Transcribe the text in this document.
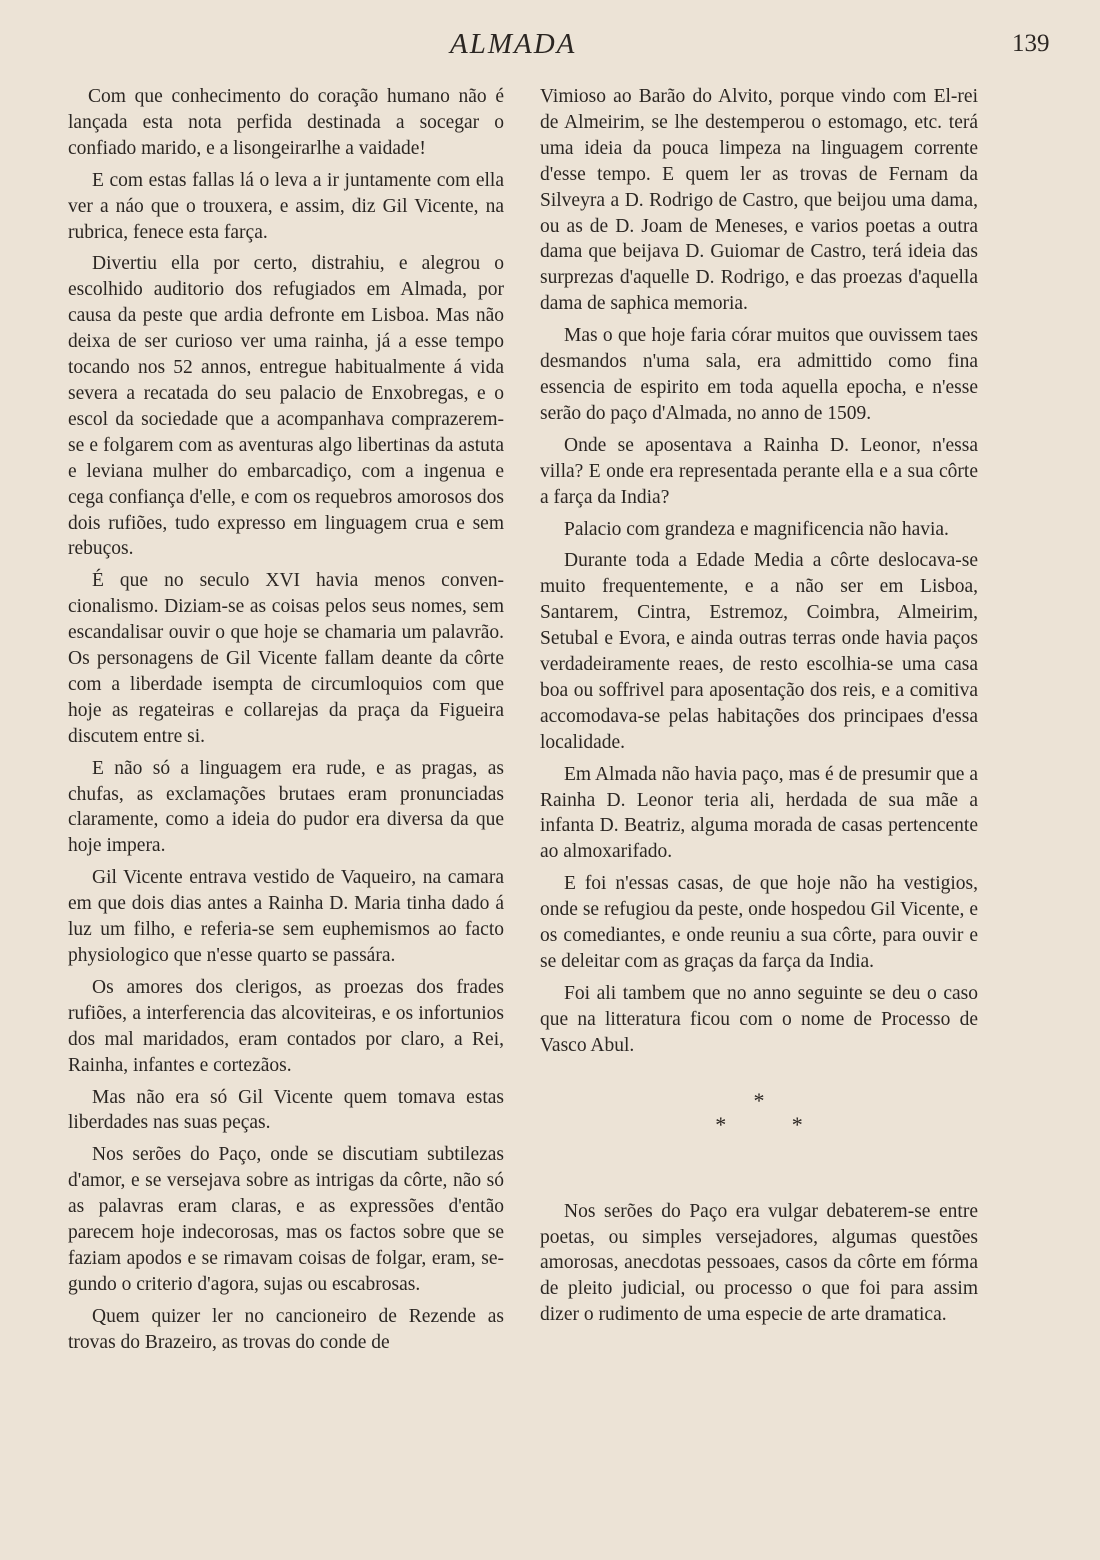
ALMADA	139

Com que conhecimento do coração humano não é lançada esta nota perfida destinada a socegar o confiado marido, e a lisongeirarlhe a vaidade!

E com estas fallas lá o leva a ir juntamente com ella ver a náo que o trouxera, e assim, diz Gil Vicente, na rubrica, fenece esta farça.

Divertiu ella por certo, distrahiu, e alegrou o escolhido auditorio dos refugiados em Almada, por causa da peste que ardia defronte em Lisboa. Mas não deixa de ser curioso ver uma rainha, já a esse tempo tocando nos 52 annos, entregue habitualmente á vida severa a recatada do seu palacio de Enxobregas, e o escol da sociedade que a acompanhava comprazerem-se e folgarem com as aventuras algo libertinas da astuta e leviana mulher do embarcadiço, com a ingenua e cega confiança d'elle, e com os requebros amorosos dos dois rufiões, tudo expresso em linguagem crua e sem rebuços.

É que no seculo XVI havia menos convencionalismo. Diziam-se as coisas pelos seus nomes, sem escandalisar ouvir o que hoje se chamaria um palavrão. Os personagens de Gil Vicente fallam deante da côrte com a liberdade isempta de circumloquios com que hoje as regateiras e collarejas da praça da Figueira discutem entre si.

E não só a linguagem era rude, e as pragas, as chufas, as exclamações brutaes eram pronunciadas claramente, como a ideia do pudor era diversa da que hoje impera.

Gil Vicente entrava vestido de Vaqueiro, na camara em que dois dias antes a Rainha D. Maria tinha dado á luz um filho, e referia-se sem euphemismos ao facto physiologico que n'esse quarto se passára.

Os amores dos clerigos, as proezas dos frades rufiões, a interferencia das alcoviteiras, e os infortunios dos mal maridados, eram contados por claro, a Rei, Rainha, infantes e cortezãos.

Mas não era só Gil Vicente quem tomava estas liberdades nas suas peças.

Nos serões do Paço, onde se discutiam subtilezas d'amor, e se versejava sobre as intrigas da côrte, não só as palavras eram claras, e as expressões d'então parecem hoje indecorosas, mas os factos sobre que se faziam apodos e se rimavam coisas de folgar, eram, segundo o criterio d'agora, sujas ou escabrosas.

Quem quizer ler no cancioneiro de Rezende as trovas do Brazeiro, as trovas do conde de

Vimioso ao Barão do Alvito, porque vindo com El-rei de Almeirim, se lhe destemperou o estomago, etc. terá uma ideia da pouca limpeza na linguagem corrente d'esse tempo. E quem ler as trovas de Fernam da Silveyra a D. Rodrigo de Castro, que beijou uma dama, ou as de D. Joam de Meneses, e varios poetas a outra dama que beijava D. Guiomar de Castro, terá ideia das surprezas d'aquelle D. Rodrigo, e das proezas d'aquella dama de saphica memoria.

Mas o que hoje faria córar muitos que ouvissem taes desmandos n'uma sala, era admittido como fina essencia de espirito em toda aquella epocha, e n'esse serão do paço d'Almada, no anno de 1509.

Onde se aposentava a Rainha D. Leonor, n'essa villa? E onde era representada perante ella e a sua côrte a farça da India?

Palacio com grandeza e magnificencia não havia.

Durante toda a Edade Media a côrte deslocava-se muito frequentemente, e a não ser em Lisboa, Santarem, Cintra, Estremoz, Coimbra, Almeirim, Setubal e Evora, e ainda outras terras onde havia paços verdadeiramente reaes, de resto escolhia-se uma casa boa ou soffrivel para aposentação dos reis, e a comitiva accomodava-se pelas habitações dos principaes d'essa localidade.

Em Almada não havia paço, mas é de presumir que a Rainha D. Leonor teria ali, herdada de sua mãe a infanta D. Beatriz, alguma morada de casas pertencente ao almoxarifado.

E foi n'essas casas, de que hoje não ha vestigios, onde se refugiou da peste, onde hospedou Gil Vicente, e os comediantes, e onde reuniu a sua côrte, para ouvir e se deleitar com as graças da farça da India.

Foi ali tambem que no anno seguinte se deu o caso que na litteratura ficou com o nome de Processo de Vasco Abul.

*
* *

Nos serões do Paço era vulgar debaterem-se entre poetas, ou simples versejadores, algumas questões amorosas, anecdotas pessoaes, casos da côrte em fórma de pleito judicial, ou processo o que foi para assim dizer o rudimento de uma especie de arte dramatica.
